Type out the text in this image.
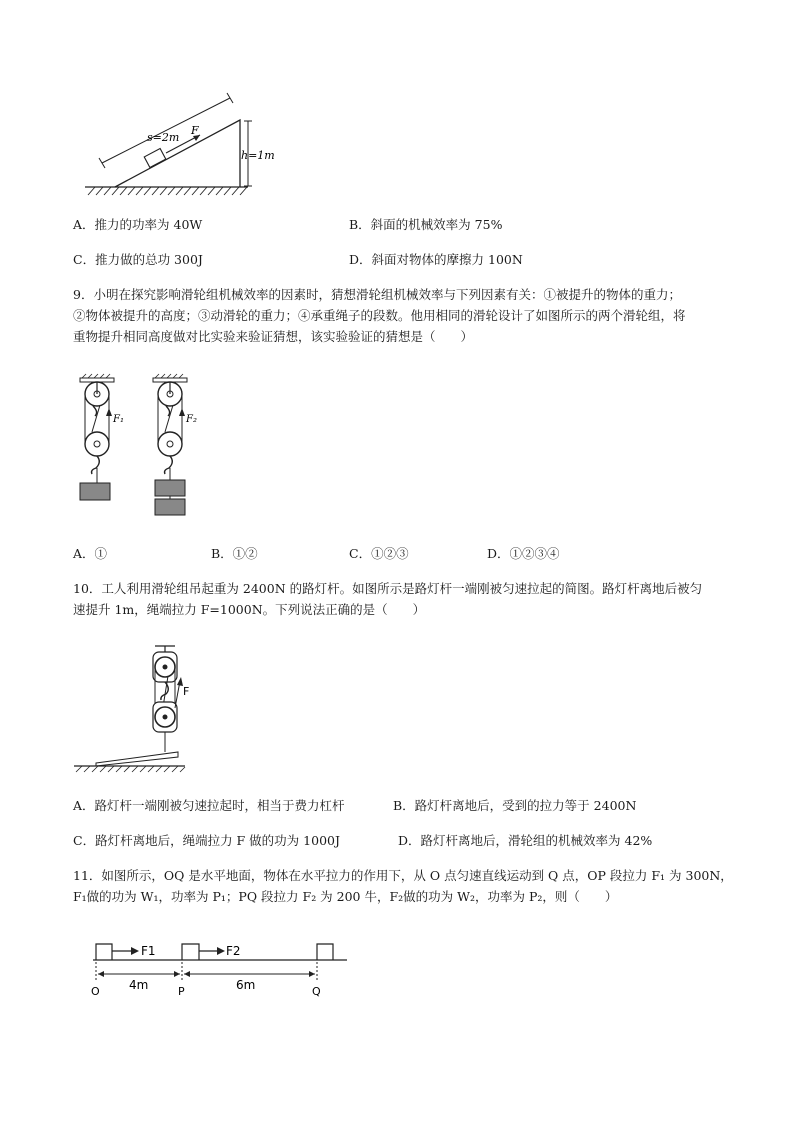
F
s=2m
h=1m
A．推力的功率为 40W	B．斜面的机械效率为 75%
C．推力做的总功 300J	D．斜面对物体的摩擦力 100N
9．小明在探究影响滑轮组机械效率的因素时，猜想滑轮组机械效率与下列因素有关：①被提升的物体的重力；
②物体被提升的高度；③动滑轮的重力；④承重绳子的段数。他用相同的滑轮设计了如图所示的两个滑轮组，将
重物提升相同高度做对比实验来验证猜想，该实验验证的猜想是（　　）
F₁	F₂
A．①	B．①②	C．①②③	D．①②③④
10．工人利用滑轮组吊起重为 2400N 的路灯杆。如图所示是路灯杆一端刚被匀速拉起的简图。路灯杆离地后被匀
速提升 1m，绳端拉力 F=1000N。下列说法正确的是（　　）
F
A．路灯杆一端刚被匀速拉起时，相当于费力杠杆	B．路灯杆离地后，受到的拉力等于 2400N
C．路灯杆离地后，绳端拉力 F 做的功为 1000J	D．路灯杆离地后，滑轮组的机械效率为 42%
11．如图所示，OQ 是水平地面，物体在水平拉力的作用下，从 O 点匀速直线运动到 Q 点，OP 段拉力 F₁ 为 300N，
F₁做的功为 W₁，功率为 P₁；PQ 段拉力 F₂ 为 200 牛，F₂做的功为 W₂，功率为 P₂，则（　　）
F1	F2
4m	6m
O	P	Q
